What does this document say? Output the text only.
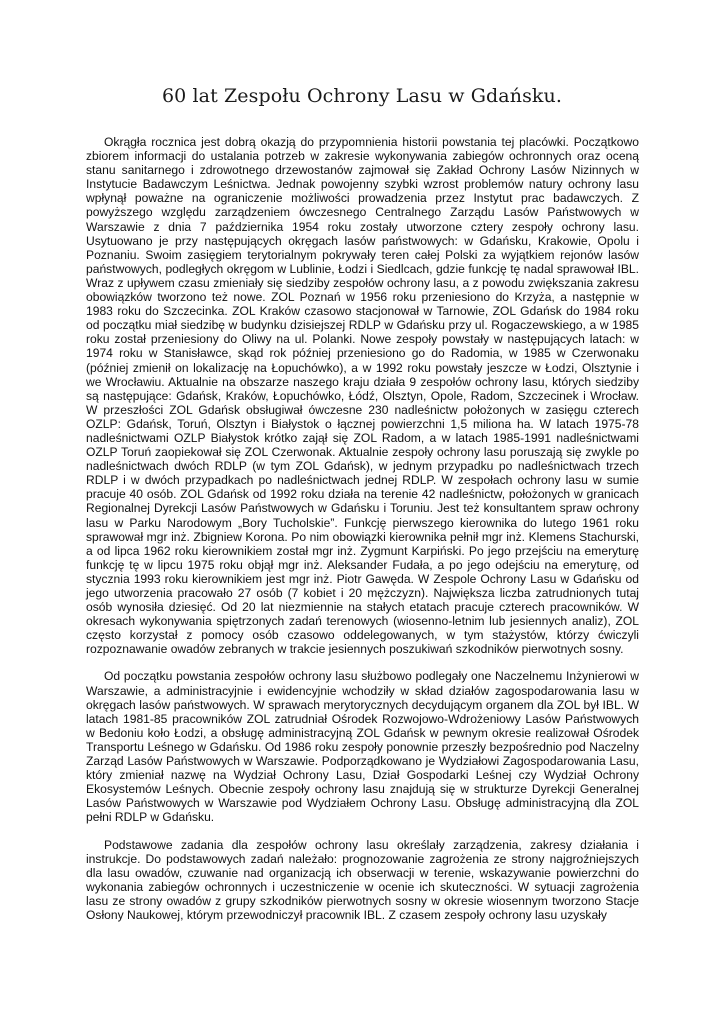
60 lat Zespołu Ochrony Lasu w Gdańsku.

Okrągła rocznica jest dobrą okazją do przypomnienia historii powstania tej placówki. Początkowo zbiorem informacji do ustalania potrzeb w zakresie wykonywania zabiegów ochronnych oraz oceną stanu sanitarnego i zdrowotnego drzewostanów zajmował się Zakład Ochrony Lasów Nizinnych w Instytucie Badawczym Leśnictwa. Jednak powojenny szybki wzrost problemów natury ochrony lasu wpłynął poważne na ograniczenie możliwości prowadzenia przez Instytut prac badawczych. Z powyższego względu zarządzeniem ówczesnego Centralnego Zarządu Lasów Państwowych w Warszawie z dnia 7 października 1954 roku zostały utworzone cztery zespoły ochrony lasu. Usytuowano je przy następujących okręgach lasów państwowych: w Gdańsku, Krakowie, Opolu i Poznaniu. Swoim zasięgiem terytorialnym pokrywały teren całej Polski za wyjątkiem rejonów lasów państwowych, podległych okręgom w Lublinie, Łodzi i Siedlcach, gdzie funkcję tę nadal sprawował IBL. Wraz z upływem czasu zmieniały się siedziby zespołów ochrony lasu, a z powodu zwiększania zakresu obowiązków tworzono też nowe. ZOL Poznań w 1956 roku przeniesiono do Krzyża, a następnie w 1983 roku do Szczecinka. ZOL Kraków czasowo stacjonował w Tarnowie, ZOL Gdańsk do 1984 roku od początku miał siedzibę w budynku dzisiejszej RDLP w Gdańsku przy ul. Rogaczewskiego, a w 1985 roku został przeniesiony do Oliwy na ul. Polanki. Nowe zespoły powstały w następujących latach: w 1974 roku w Stanisławce, skąd rok później przeniesiono go do Radomia, w 1985 w Czerwonaku (później zmienił on lokalizację na Łopuchówko), a w 1992 roku powstały jeszcze w Łodzi, Olsztynie i we Wrocławiu. Aktualnie na obszarze naszego kraju działa 9 zespołów ochrony lasu, których siedziby są następujące: Gdańsk, Kraków, Łopuchówko, Łódź, Olsztyn, Opole, Radom, Szczecinek i Wrocław. W przeszłości ZOL Gdańsk obsługiwał ówczesne 230 nadleśnictw położonych w zasięgu czterech OZLP: Gdańsk, Toruń, Olsztyn i Białystok o łącznej powierzchni 1,5 miliona ha. W latach 1975-78 nadleśnictwami OZLP Białystok krótko zajął się ZOL Radom, a w latach 1985-1991 nadleśnictwami OZLP Toruń zaopiekował się ZOL Czerwonak. Aktualnie zespoły ochrony lasu poruszają się zwykle po nadleśnictwach dwóch RDLP (w tym ZOL Gdańsk), w jednym przypadku po nadleśnictwach trzech RDLP i w dwóch przypadkach po nadleśnictwach jednej RDLP. W zespołach ochrony lasu w sumie pracuje 40 osób. ZOL Gdańsk od 1992 roku działa na terenie 42 nadleśnictw, położonych w granicach Regionalnej Dyrekcji Lasów Państwowych w Gdańsku i Toruniu. Jest też konsultantem spraw ochrony lasu w Parku Narodowym „Bory Tucholskie”. Funkcję pierwszego kierownika do lutego 1961 roku sprawował mgr inż. Zbigniew Korona. Po nim obowiązki kierownika pełnił mgr inż. Klemens Stachurski, a od lipca 1962 roku kierownikiem został mgr inż. Zygmunt Karpiński. Po jego przejściu na emeryturę funkcję tę w lipcu 1975 roku objął mgr inż. Aleksander Fudała, a po jego odejściu na emeryturę, od stycznia 1993 roku kierownikiem jest mgr inż. Piotr Gawęda. W Zespole Ochrony Lasu w Gdańsku od jego utworzenia pracowało 27 osób (7 kobiet i 20 mężczyzn). Największa liczba zatrudnionych tutaj osób wynosiła dziesięć. Od 20 lat niezmiennie na stałych etatach pracuje czterech pracowników. W okresach wykonywania spiętrzonych zadań terenowych (wiosenno-letnim lub jesiennych analiz), ZOL często korzystał z pomocy osób czasowo oddelegowanych, w tym stażystów, którzy ćwiczyli rozpoznawanie owadów zebranych w trakcie jesiennych poszukiwań szkodników pierwotnych sosny.

Od początku powstania zespołów ochrony lasu służbowo podlegały one Naczelnemu Inżynierowi w Warszawie, a administracyjnie i ewidencyjnie wchodziły w skład działów zagospodarowania lasu w okręgach lasów państwowych. W sprawach merytorycznych decydującym organem dla ZOL był IBL. W latach 1981-85 pracowników ZOL zatrudniał Ośrodek Rozwojowo-Wdrożeniowy Lasów Państwowych w Bedoniu koło Łodzi, a obsługę administracyjną ZOL Gdańsk w pewnym okresie realizował Ośrodek Transportu Leśnego w Gdańsku. Od 1986 roku zespoły ponownie przeszły bezpośrednio pod Naczelny Zarząd Lasów Państwowych w Warszawie. Podporządkowano je Wydziałowi Zagospodarowania Lasu, który zmieniał nazwę na Wydział Ochrony Lasu, Dział Gospodarki Leśnej czy Wydział Ochrony Ekosystemów Leśnych. Obecnie zespoły ochrony lasu znajdują się w strukturze Dyrekcji Generalnej Lasów Państwowych w Warszawie pod Wydziałem Ochrony Lasu. Obsługę administracyjną dla ZOL pełni RDLP w Gdańsku.

Podstawowe zadania dla zespołów ochrony lasu określały zarządzenia, zakresy działania i instrukcje. Do podstawowych zadań należało: prognozowanie zagrożenia ze strony najgroźniejszych dla lasu owadów, czuwanie nad organizacją ich obserwacji w terenie, wskazywanie powierzchni do wykonania zabiegów ochronnych i uczestniczenie w ocenie ich skuteczności. W sytuacji zagrożenia lasu ze strony owadów z grupy szkodników pierwotnych sosny w okresie wiosennym tworzono Stacje Osłony Naukowej, którym przewodniczył pracownik IBL. Z czasem zespoły ochrony lasu uzyskały
